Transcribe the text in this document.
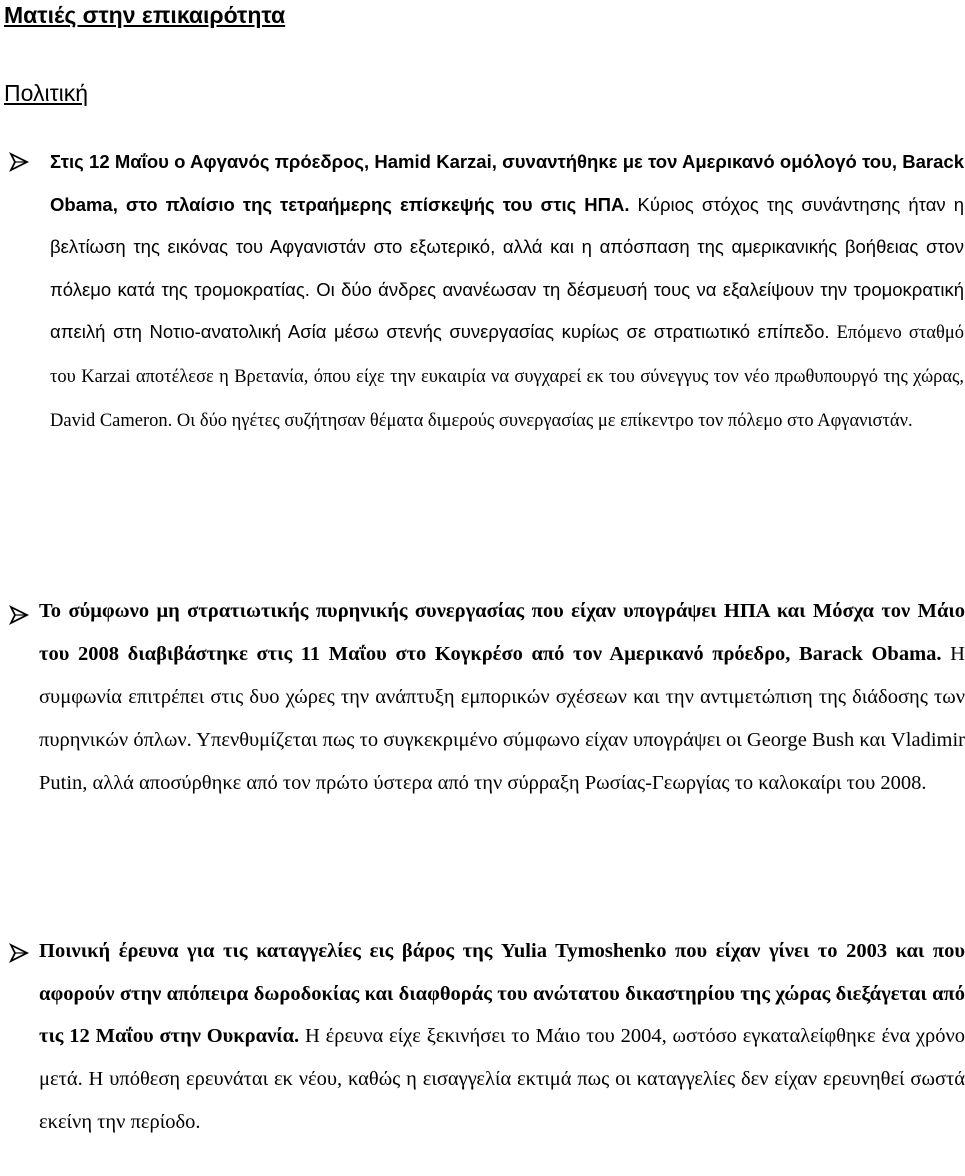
Ματιές στην επικαιρότητα
Πολιτική

Στις 12 Μαΐου ο Αφγανός πρόεδρος, Hamid Karzai, συναντήθηκε με τον Αμερικανό ομόλογό του, Barack Obama, στο πλαίσιο της τετραήμερης επίσκεψής του στις ΗΠΑ. Κύριος στόχος της συνάντησης ήταν η βελτίωση της εικόνας του Αφγανιστάν στο εξωτερικό, αλλά και η απόσπαση της αμερικανικής βοήθειας στον πόλεμο κατά της τρομοκρατίας. Οι δύο άνδρες ανανέωσαν τη δέσμευσή τους να εξαλείψουν την τρομοκρατική απειλή στη Νοτιο-ανατολική Ασία μέσω στενής συνεργασίας κυρίως σε στρατιωτικό επίπεδο. Επόμενο σταθμό του Karzai αποτέλεσε η Βρετανία, όπου είχε την ευκαιρία να συγχαρεί εκ του σύνεγγυς τον νέο πρωθυπουργό της χώρας, David Cameron. Οι δύο ηγέτες συζήτησαν θέματα διμερούς συνεργασίας με επίκεντρο τον πόλεμο στο Αφγανιστάν.

Το σύμφωνο μη στρατιωτικής πυρηνικής συνεργασίας που είχαν υπογράψει ΗΠΑ και Μόσχα τον Μάιο του 2008 διαβιβάστηκε στις 11 Μαΐου στο Κογκρέσο από τον Αμερικανό πρόεδρο, Barack Obama. Η συμφωνία επιτρέπει στις δυο χώρες την ανάπτυξη εμπορικών σχέσεων και την αντιμετώπιση της διάδοσης των πυρηνικών όπλων. Υπενθυμίζεται πως το συγκεκριμένο σύμφωνο είχαν υπογράψει οι George Bush και Vladimir Putin, αλλά αποσύρθηκε από τον πρώτο ύστερα από την σύρραξη Ρωσίας-Γεωργίας το καλοκαίρι του 2008.

Ποινική έρευνα για τις καταγγελίες εις βάρος της Yulia Tymoshenko που είχαν γίνει το 2003 και που αφορούν στην απόπειρα δωροδοκίας και διαφθοράς του ανώτατου δικαστηρίου της χώρας διεξάγεται από τις 12 Μαΐου στην Ουκρανία. Η έρευνα είχε ξεκινήσει το Μάιο του 2004, ωστόσο εγκαταλείφθηκε ένα χρόνο μετά. Η υπόθεση ερευνάται εκ νέου, καθώς η εισαγγελία εκτιμά πως οι καταγγελίες δεν είχαν ερευνηθεί σωστά εκείνη την περίοδο.
